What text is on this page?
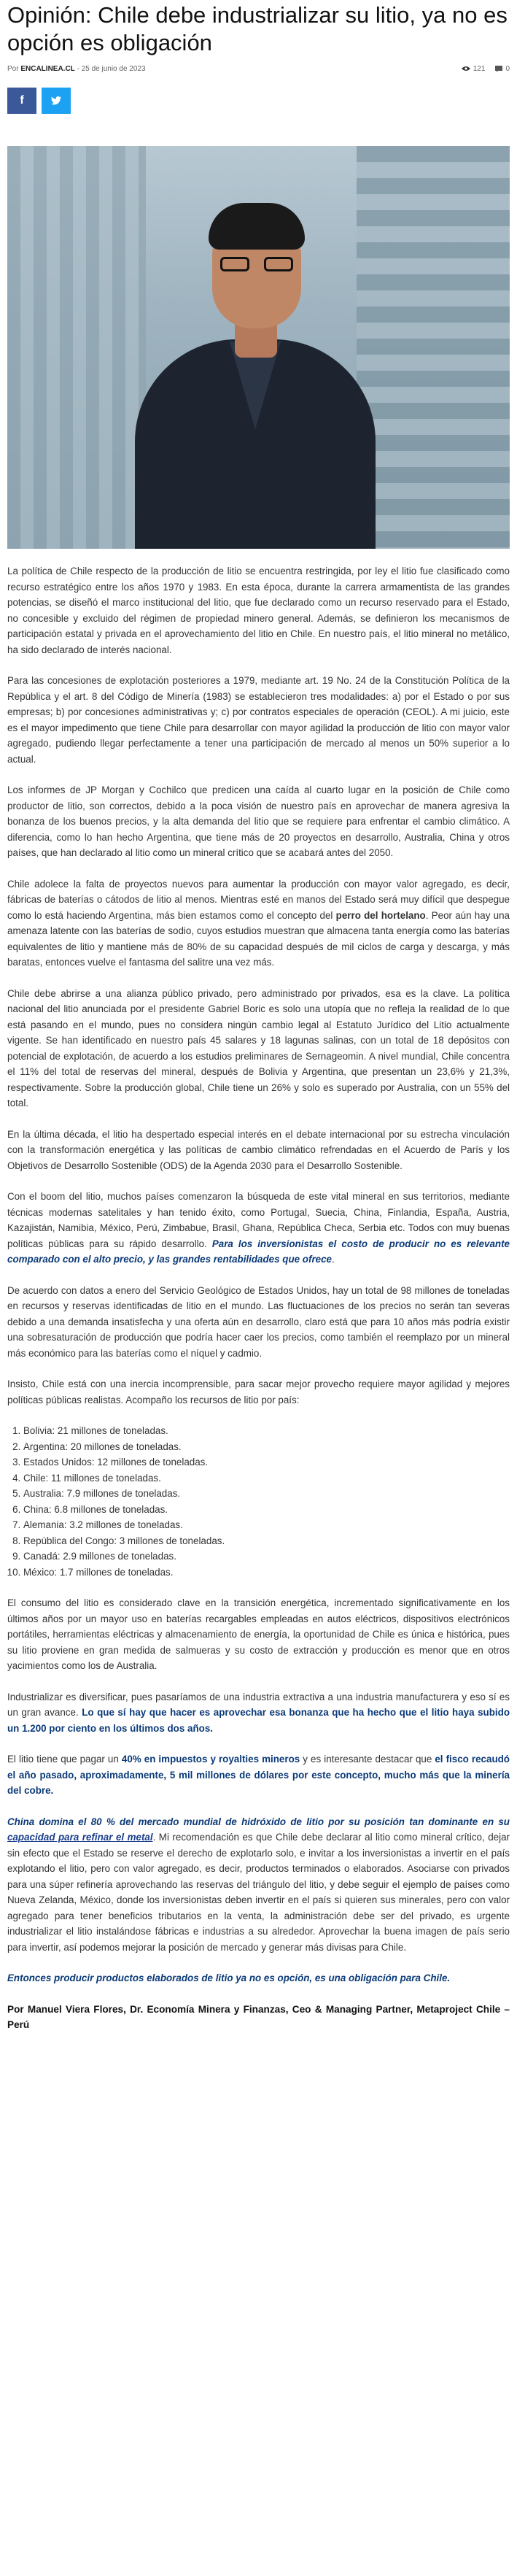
Opinión: Chile debe industrializar su litio, ya no es opción es obligación
Por ENCALINEA.CL - 25 de junio de 2023	121	0
f

La política de Chile respecto de la producción de litio se encuentra restringida, por ley el litio fue clasificado como recurso estratégico entre los años 1970 y 1983. En esta época, durante la carrera armamentista de las grandes potencias, se diseñó el marco institucional del litio, que fue declarado como un recurso reservado para el Estado, no concesible y excluido del régimen de propiedad minero general. Además, se definieron los mecanismos de participación estatal y privada en el aprovechamiento del litio en Chile. En nuestro país, el litio mineral no metálico, ha sido declarado de interés nacional.

Para las concesiones de explotación posteriores a 1979, mediante art. 19 No. 24 de la Constitución Política de la República y el art. 8 del Código de Minería (1983) se establecieron tres modalidades: a) por el Estado o por sus empresas; b) por concesiones administrativas y; c) por contratos especiales de operación (CEOL). A mi juicio, este es el mayor impedimento que tiene Chile para desarrollar con mayor agilidad la producción de litio con mayor valor agregado, pudiendo llegar perfectamente a tener una participación de mercado al menos un 50% superior a lo actual.

Los informes de JP Morgan y Cochilco que predicen una caída al cuarto lugar en la posición de Chile como productor de litio, son correctos, debido a la poca visión de nuestro país en aprovechar de manera agresiva la bonanza de los buenos precios, y la alta demanda del litio que se requiere para enfrentar el cambio climático. A diferencia, como lo han hecho Argentina, que tiene más de 20 proyectos en desarrollo, Australia, China y otros países, que han declarado al litio como un mineral crítico que se acabará antes del 2050.

Chile adolece la falta de proyectos nuevos para aumentar la producción con mayor valor agregado, es decir, fábricas de baterías o cátodos de litio al menos. Mientras esté en manos del Estado será muy difícil que despegue como lo está haciendo Argentina, más bien estamos como el concepto del perro del hortelano. Peor aún hay una amenaza latente con las baterías de sodio, cuyos estudios muestran que almacena tanta energía como las baterías equivalentes de litio y mantiene más de 80% de su capacidad después de mil ciclos de carga y descarga, y más baratas, entonces vuelve el fantasma del salitre una vez más.

Chile debe abrirse a una alianza público privado, pero administrado por privados, esa es la clave. La política nacional del litio anunciada por el presidente Gabriel Boric es solo una utopía que no refleja la realidad de lo que está pasando en el mundo, pues no considera ningún cambio legal al Estatuto Jurídico del Litio actualmente vigente. Se han identificado en nuestro país 45 salares y 18 lagunas salinas, con un total de 18 depósitos con potencial de explotación, de acuerdo a los estudios preliminares de Sernageomin. A nivel mundial, Chile concentra el 11% del total de reservas del mineral, después de Bolivia y Argentina, que presentan un 23,6% y 21,3%, respectivamente. Sobre la producción global, Chile tiene un 26% y solo es superado por Australia, con un 55% del total.

En la última década, el litio ha despertado especial interés en el debate internacional por su estrecha vinculación con la transformación energética y las políticas de cambio climático refrendadas en el Acuerdo de París y los Objetivos de Desarrollo Sostenible (ODS) de la Agenda 2030 para el Desarrollo Sostenible.

Con el boom del litio, muchos países comenzaron la búsqueda de este vital mineral en sus territorios, mediante técnicas modernas satelitales y han tenido éxito, como Portugal, Suecia, China, Finlandia, España, Austria, Kazajistán, Namibia, México, Perú, Zimbabue, Brasil, Ghana, República Checa, Serbia etc. Todos con muy buenas políticas públicas para su rápido desarrollo. Para los inversionistas el costo de producir no es relevante comparado con el alto precio, y las grandes rentabilidades que ofrece.

De acuerdo con datos a enero del Servicio Geológico de Estados Unidos, hay un total de 98 millones de toneladas en recursos y reservas identificadas de litio en el mundo. Las fluctuaciones de los precios no serán tan severas debido a una demanda insatisfecha y una oferta aún en desarrollo, claro está que para 10 años más podría existir una sobresaturación de producción que podría hacer caer los precios, como también el reemplazo por un mineral más económico para las baterías como el níquel y cadmio.

Insisto, Chile está con una inercia incomprensible, para sacar mejor provecho requiere mayor agilidad y mejores políticas públicas realistas. Acompaño los recursos de litio por país:

1. Bolivia: 21 millones de toneladas.
2. Argentina: 20 millones de toneladas.
3. Estados Unidos: 12 millones de toneladas.
4. Chile: 11 millones de toneladas.
5. Australia: 7.9 millones de toneladas.
6. China: 6.8 millones de toneladas.
7. Alemania: 3.2 millones de toneladas.
8. República del Congo: 3 millones de toneladas.
9. Canadá: 2.9 millones de toneladas.
10. México: 1.7 millones de toneladas.

El consumo del litio es considerado clave en la transición energética, incrementado significativamente en los últimos años por un mayor uso en baterías recargables empleadas en autos eléctricos, dispositivos electrónicos portátiles, herramientas eléctricas y almacenamiento de energía, la oportunidad de Chile es única e histórica, pues su litio proviene en gran medida de salmueras y su costo de extracción y producción es menor que en otros yacimientos como los de Australia.

Industrializar es diversificar, pues pasaríamos de una industria extractiva a una industria manufacturera y eso sí es un gran avance. Lo que sí hay que hacer es aprovechar esa bonanza que ha hecho que el litio haya subido un 1.200 por ciento en los últimos dos años.

El litio tiene que pagar un 40% en impuestos y royalties mineros y es interesante destacar que el fisco recaudó el año pasado, aproximadamente, 5 mil millones de dólares por este concepto, mucho más que la minería del cobre.

China domina el 80 % del mercado mundial de hidróxido de litio por su posición tan dominante en su capacidad para refinar el metal. Mi recomendación es que Chile debe declarar al litio como mineral crítico, dejar sin efecto que el Estado se reserve el derecho de explotarlo solo, e invitar a los inversionistas a invertir en el país explotando el litio, pero con valor agregado, es decir, productos terminados o elaborados. Asociarse con privados para una súper refinería aprovechando las reservas del triángulo del litio, y debe seguir el ejemplo de países como Nueva Zelanda, México, donde los inversionistas deben invertir en el país si quieren sus minerales, pero con valor agregado para tener beneficios tributarios en la venta, la administración debe ser del privado, es urgente industrializar el litio instalándose fábricas e industrias a su alrededor. Aprovechar la buena imagen de país serio para invertir, así podemos mejorar la posición de mercado y generar más divisas para Chile.

Entonces producir productos elaborados de litio ya no es opción, es una obligación para Chile.

Por Manuel Viera Flores, Dr. Economía Minera y Finanzas, Ceo & Managing Partner, Metaproject Chile – Perú
